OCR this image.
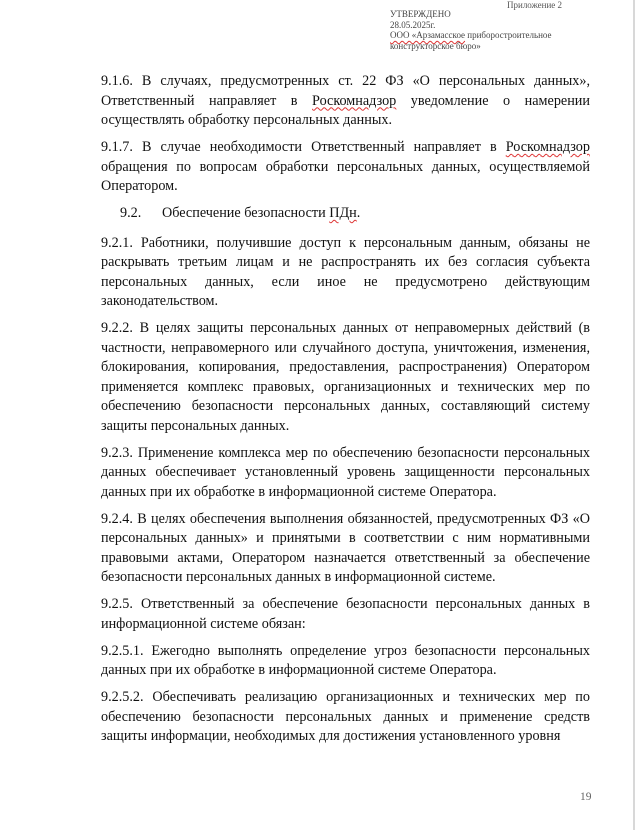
Приложение 2
УТВЕРЖДЕНО
28.05.2025г.
ООО «Арзамасское приборостроительное
конструкторское бюро»

9.1.6. В случаях, предусмотренных ст. 22 ФЗ «О персональных данных», Ответственный направляет в Роскомнадзор уведомление о намерении осуществлять обработку персональных данных.

9.1.7. В случае необходимости Ответственный направляет в Роскомнадзор обращения по вопросам обработки персональных данных, осуществляемой Оператором.

9.2. Обеспечение безопасности ПДн.

9.2.1. Работники, получившие доступ к персональным данным, обязаны не раскрывать третьим лицам и не распространять их без согласия субъекта персональных данных, если иное не предусмотрено действующим законодательством.

9.2.2. В целях защиты персональных данных от неправомерных действий (в частности, неправомерного или случайного доступа, уничтожения, изменения, блокирования, копирования, предоставления, распространения) Оператором применяется комплекс правовых, организационных и технических мер по обеспечению безопасности персональных данных, составляющий систему защиты персональных данных.

9.2.3. Применение комплекса мер по обеспечению безопасности персональных данных обеспечивает установленный уровень защищенности персональных данных при их обработке в информационной системе Оператора.

9.2.4. В целях обеспечения выполнения обязанностей, предусмотренных ФЗ «О персональных данных» и принятыми в соответствии с ним нормативными правовыми актами, Оператором назначается ответственный за обеспечение безопасности персональных данных в информационной системе.

9.2.5. Ответственный за обеспечение безопасности персональных данных в информационной системе обязан:

9.2.5.1. Ежегодно выполнять определение угроз безопасности персональных данных при их обработке в информационной системе Оператора.

9.2.5.2. Обеспечивать реализацию организационных и технических мер по обеспечению безопасности персональных данных и применение средств защиты информации, необходимых для достижения установленного уровня

19
